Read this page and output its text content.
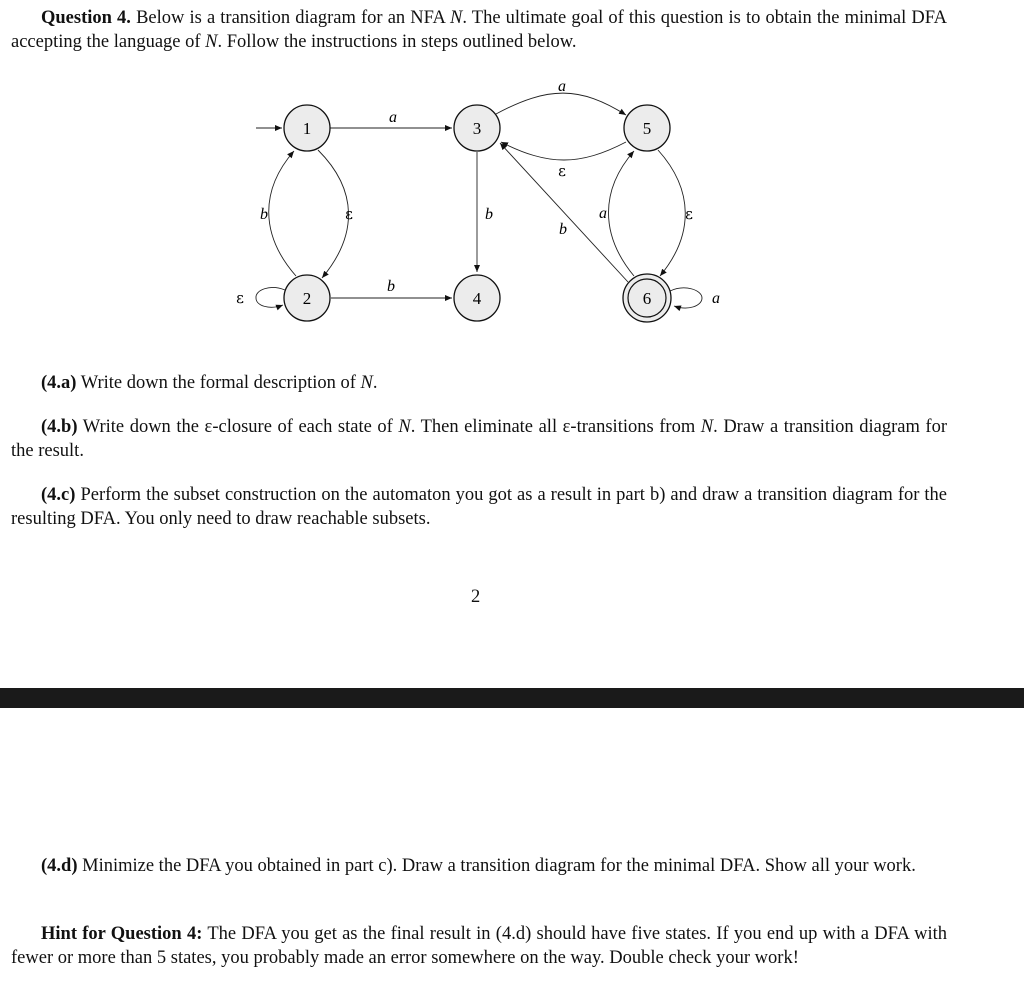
Question 4. Below is a transition diagram for an NFA N. The ultimate goal of this question is to obtain the minimal DFA accepting the language of N. Follow the instructions in steps outlined below.
1
2
3
4
5
6
a
ε
b
ε
b
b
a
ε
b
a	ε
a
(4.a) Write down the formal description of N.
(4.b) Write down the ε-closure of each state of N. Then eliminate all ε-transitions from N. Draw a transition diagram for the result.
(4.c) Perform the subset construction on the automaton you got as a result in part b) and draw a transition diagram for the resulting DFA. You only need to draw reachable subsets.
2
(4.d) Minimize the DFA you obtained in part c). Draw a transition diagram for the minimal DFA. Show all your work.
Hint for Question 4: The DFA you get as the final result in (4.d) should have five states. If you end up with a DFA with fewer or more than 5 states, you probably made an error somewhere on the way. Double check your work!
